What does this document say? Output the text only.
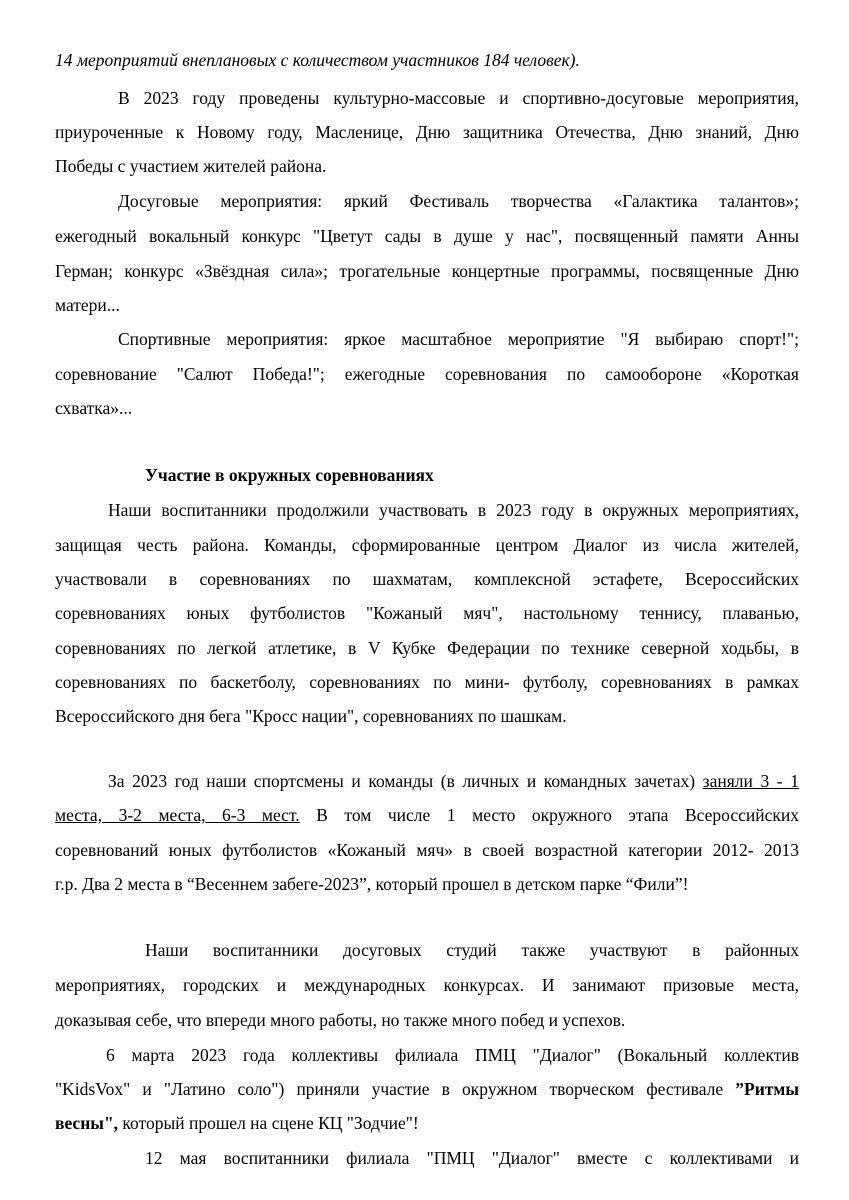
14 мероприятий внеплановых с количеством участников 184 человек).
В 2023 году проведены культурно-массовые и спортивно-досуговые мероприятия,
приуроченные к Новому году, Масленице, Дню защитника Отечества, Дню знаний, Дню
Победы с участием жителей района.
Досуговые мероприятия: яркий Фестиваль творчества «Галактика талантов»;
ежегодный вокальный конкурс "Цветут сады в душе у нас", посвященный памяти Анны
Герман; конкурс «Звёздная сила»; трогательные концертные программы, посвященные Дню
матери...
Спортивные мероприятия: яркое масштабное мероприятие "Я выбираю спорт!";
соревнование "Салют Победа!"; ежегодные соревнования по самообороне «Короткая
схватка»...
Участие в окружных соревнованиях
Наши воспитанники продолжили участвовать в 2023 году в окружных мероприятиях,
защищая честь района. Команды, сформированные центром Диалог из числа жителей,
участвовали в соревнованиях по шахматам, комплексной эстафете, Всероссийских
соревнованиях юных футболистов "Кожаный мяч", настольному теннису, плаванью,
соревнованиях по легкой атлетике, в V Кубке Федерации по технике северной ходьбы, в
соревнованиях по баскетболу, соревнованиях по мини- футболу, соревнованиях в рамках
Всероссийского дня бега "Кросс нации", соревнованиях по шашкам.
За 2023 год наши спортсмены и команды (в личных и командных зачетах) заняли 3 - 1
места, 3-2 места, 6-3 мест. В том числе 1 место окружного этапа Всероссийских
соревнований юных футболистов «Кожаный мяч» в своей возрастной категории 2012- 2013
г.р. Два 2 места в “Весеннем забеге-2023”, который прошел в детском парке “Фили”!
Наши воспитанники досуговых студий также участвуют в районных
мероприятиях, городских и международных конкурсах. И занимают призовые места,
доказывая себе, что впереди много работы, но также много побед и успехов.
6 марта 2023 года коллективы филиала ПМЦ "Диалог" (Вокальный коллектив
"KidsVox" и "Латино соло") приняли участие в окружном творческом фестивале ”Ритмы
весны", который прошел на сцене КЦ "Зодчие"!
12 мая воспитанники филиала "ПМЦ "Диалог" вместе с коллективами и
